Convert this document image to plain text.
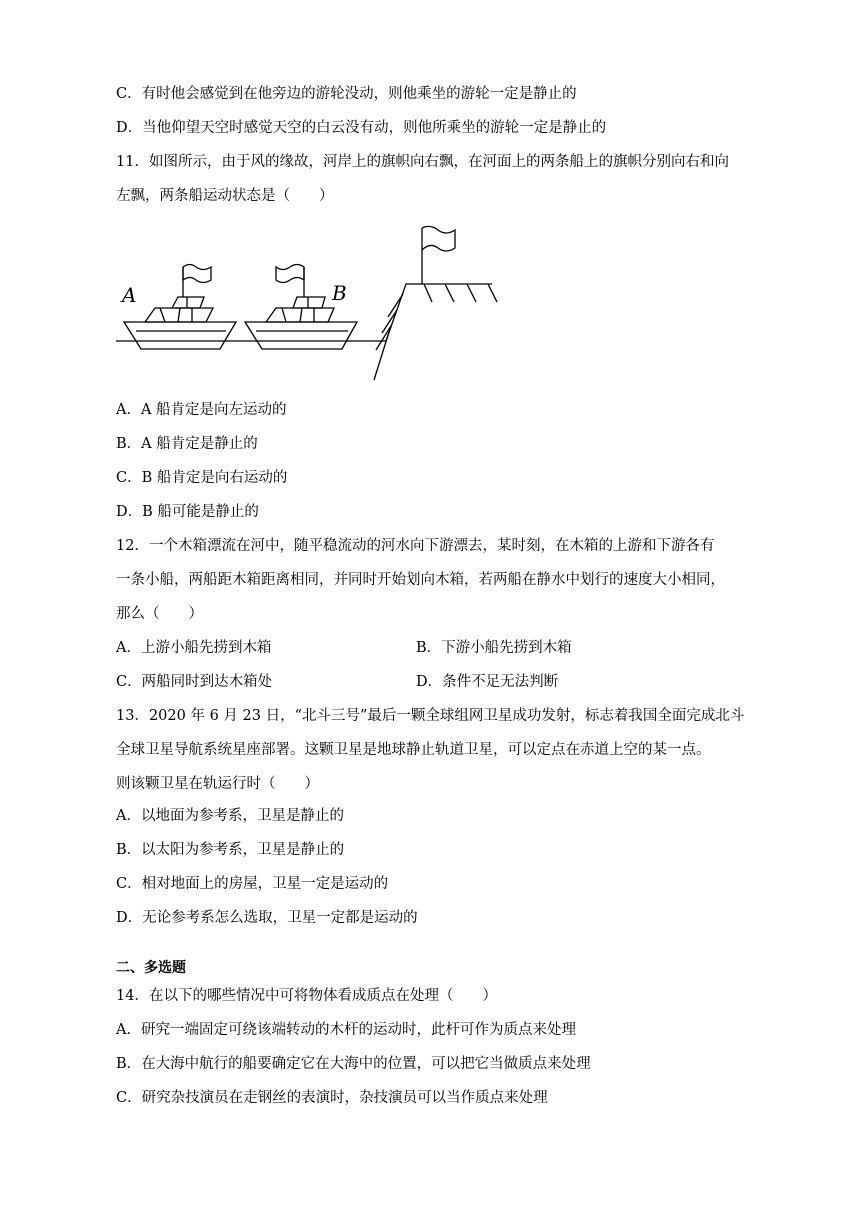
C．有时他会感觉到在他旁边的游轮没动，则他乘坐的游轮一定是静止的
D．当他仰望天空时感觉天空的白云没有动，则他所乘坐的游轮一定是静止的
11．如图所示，由于风的缘故，河岸上的旗帜向右飘，在河面上的两条船上的旗帜分别向右和向
左飘，两条船运动状态是（　　）
A	B
A．A 船肯定是向左运动的
B．A 船肯定是静止的
C．B 船肯定是向右运动的
D．B 船可能是静止的
12．一个木箱漂流在河中，随平稳流动的河水向下游漂去，某时刻，在木箱的上游和下游各有
一条小船，两船距木箱距离相同，并同时开始划向木箱，若两船在静水中划行的速度大小相同，
那么（　　）
A．上游小船先捞到木箱	B．下游小船先捞到木箱
C．两船同时到达木箱处	D．条件不足无法判断
13．2020 年 6 月 23 日，“北斗三号”最后一颗全球组网卫星成功发射，标志着我国全面完成北斗
全球卫星导航系统星座部署。这颗卫星是地球静止轨道卫星，可以定点在赤道上空的某一点。
则该颗卫星在轨运行时（　　）
A．以地面为参考系，卫星是静止的
B．以太阳为参考系，卫星是静止的
C．相对地面上的房屋，卫星一定是运动的
D．无论参考系怎么选取，卫星一定都是运动的
二、多选题
14．在以下的哪些情况中可将物体看成质点在处理（　　）
A．研究一端固定可绕该端转动的木杆的运动时，此杆可作为质点来处理
B．在大海中航行的船要确定它在大海中的位置，可以把它当做质点来处理
C．研究杂技演员在走钢丝的表演时，杂技演员可以当作质点来处理
